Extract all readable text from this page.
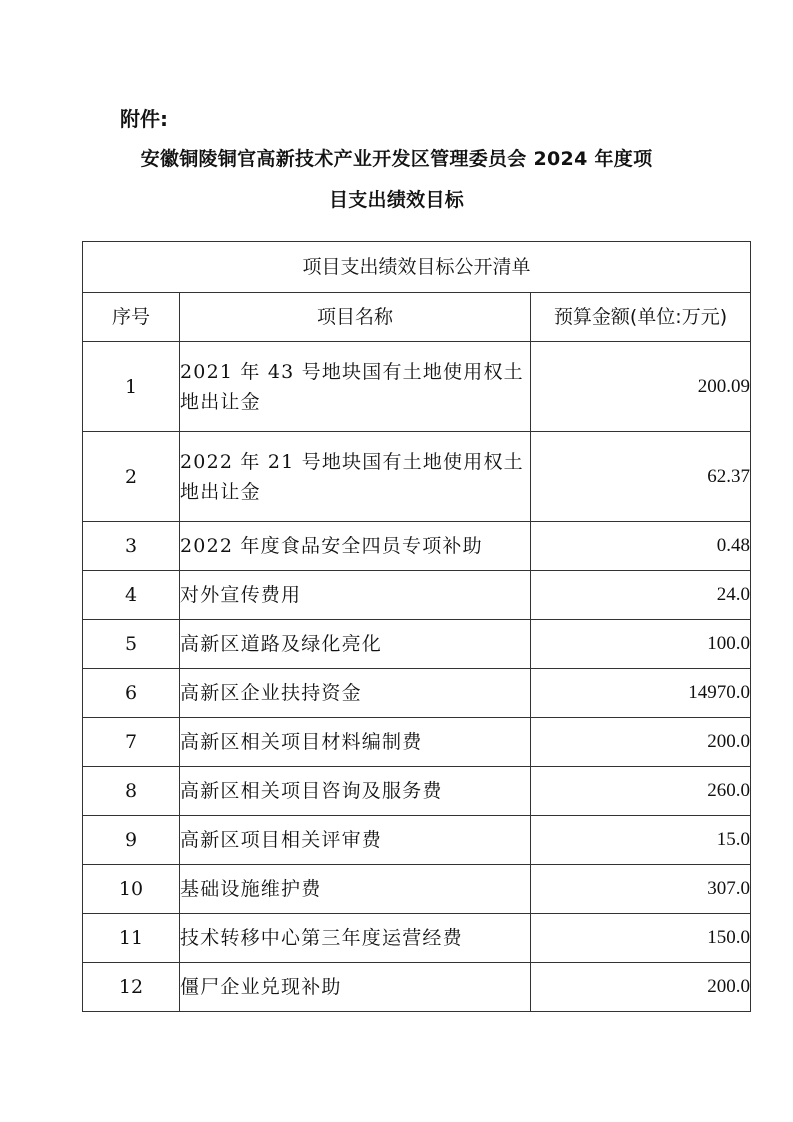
附件:
安徽铜陵铜官高新技术产业开发区管理委员会 2024 年度项
目支出绩效目标
项目支出绩效目标公开清单		
序号	项目名称	预算金额(单位:万元)
1	2021 年 43 号地块国有土地使用权土地出让金	200.09
2	2022 年 21 号地块国有土地使用权土地出让金	62.37
3	2022 年度食品安全四员专项补助	0.48
4	对外宣传费用	24.0
5	高新区道路及绿化亮化	100.0
6	高新区企业扶持资金	14970.0
7	高新区相关项目材料编制费	200.0
8	高新区相关项目咨询及服务费	260.0
9	高新区项目相关评审费	15.0
10	基础设施维护费	307.0
11	技术转移中心第三年度运营经费	150.0
12	僵尸企业兑现补助	200.0
